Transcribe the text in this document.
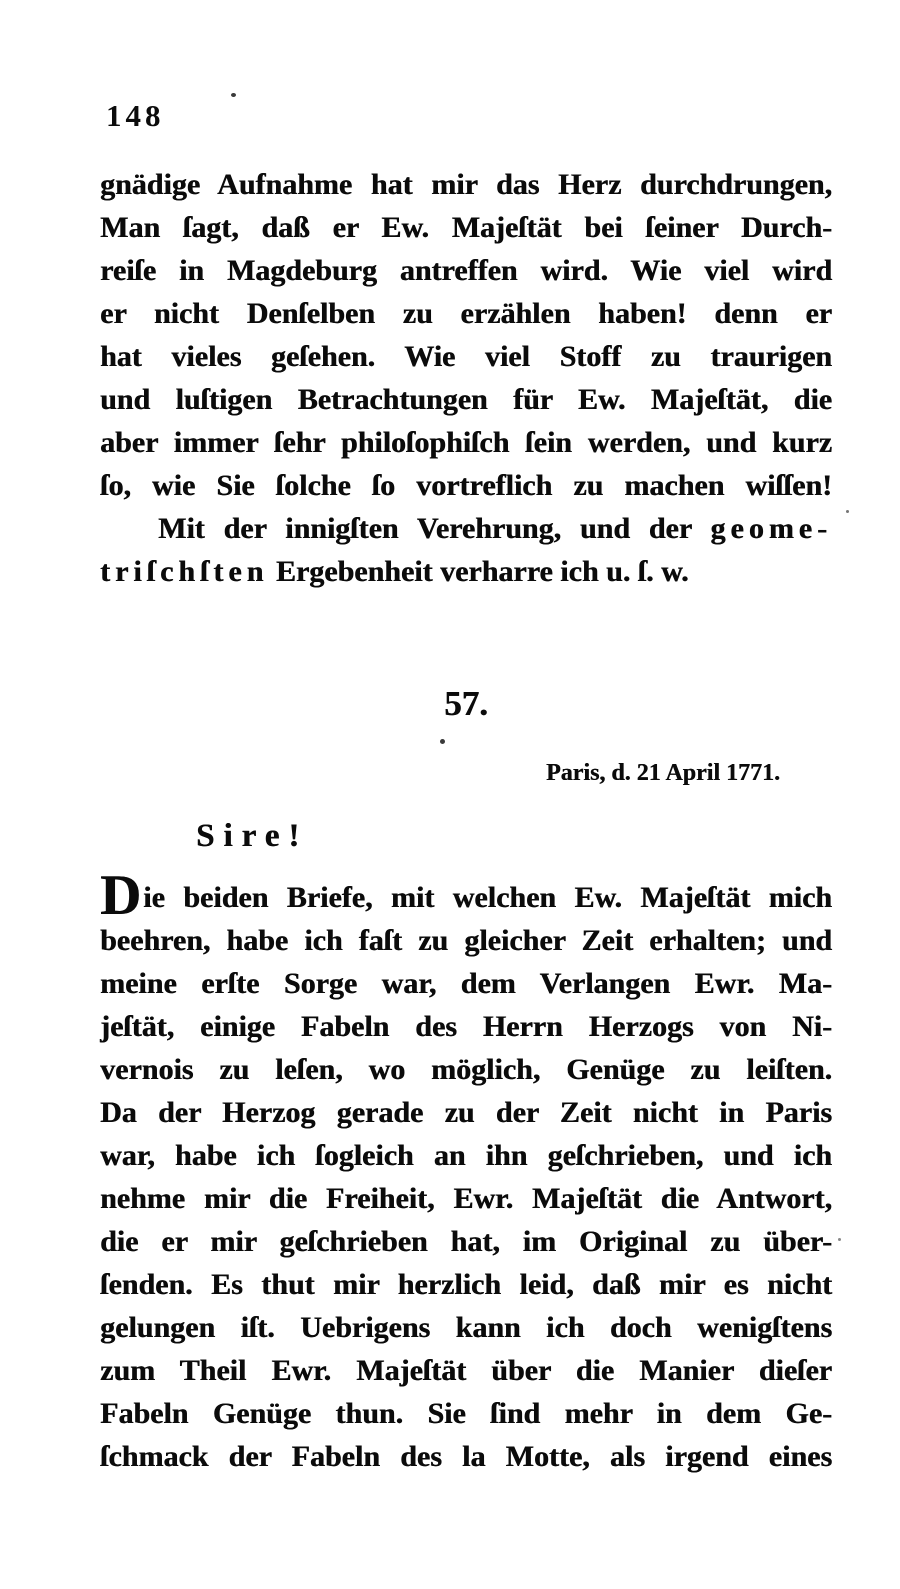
148
gnädige Aufnahme hat mir das Herz durchdrungen,
Man ſagt, daß er Ew. Majeſtät bei ſeiner Durch-
reiſe in Magdeburg antreffen wird. Wie viel wird
er nicht Denſelben zu erzählen haben! denn er
hat vieles geſehen. Wie viel Stoff zu traurigen
und luſtigen Betrachtungen für Ew. Majeſtät, die
aber immer ſehr philoſophiſch ſein werden, und kurz
ſo, wie Sie ſolche ſo vortreflich zu machen wiſſen!
Mit der innigſten Verehrung, und der geome-
triſchſten Ergebenheit verharre ich u. ſ. w.
57.
Paris, d. 21 April 1771.
Sire!
Die beiden Briefe, mit welchen Ew. Majeſtät mich
beehren, habe ich faſt zu gleicher Zeit erhalten; und
meine erſte Sorge war, dem Verlangen Ewr. Ma-
jeſtät, einige Fabeln des Herrn Herzogs von Ni-
vernois zu leſen, wo möglich, Genüge zu leiſten.
Da der Herzog gerade zu der Zeit nicht in Paris
war, habe ich ſogleich an ihn geſchrieben, und ich
nehme mir die Freiheit, Ewr. Majeſtät die Antwort,
die er mir geſchrieben hat, im Original zu über-
ſenden. Es thut mir herzlich leid, daß mir es nicht
gelungen iſt. Uebrigens kann ich doch wenigſtens
zum Theil Ewr. Majeſtät über die Manier dieſer
Fabeln Genüge thun. Sie ſind mehr in dem Ge-
ſchmack der Fabeln des la Motte, als irgend eines
